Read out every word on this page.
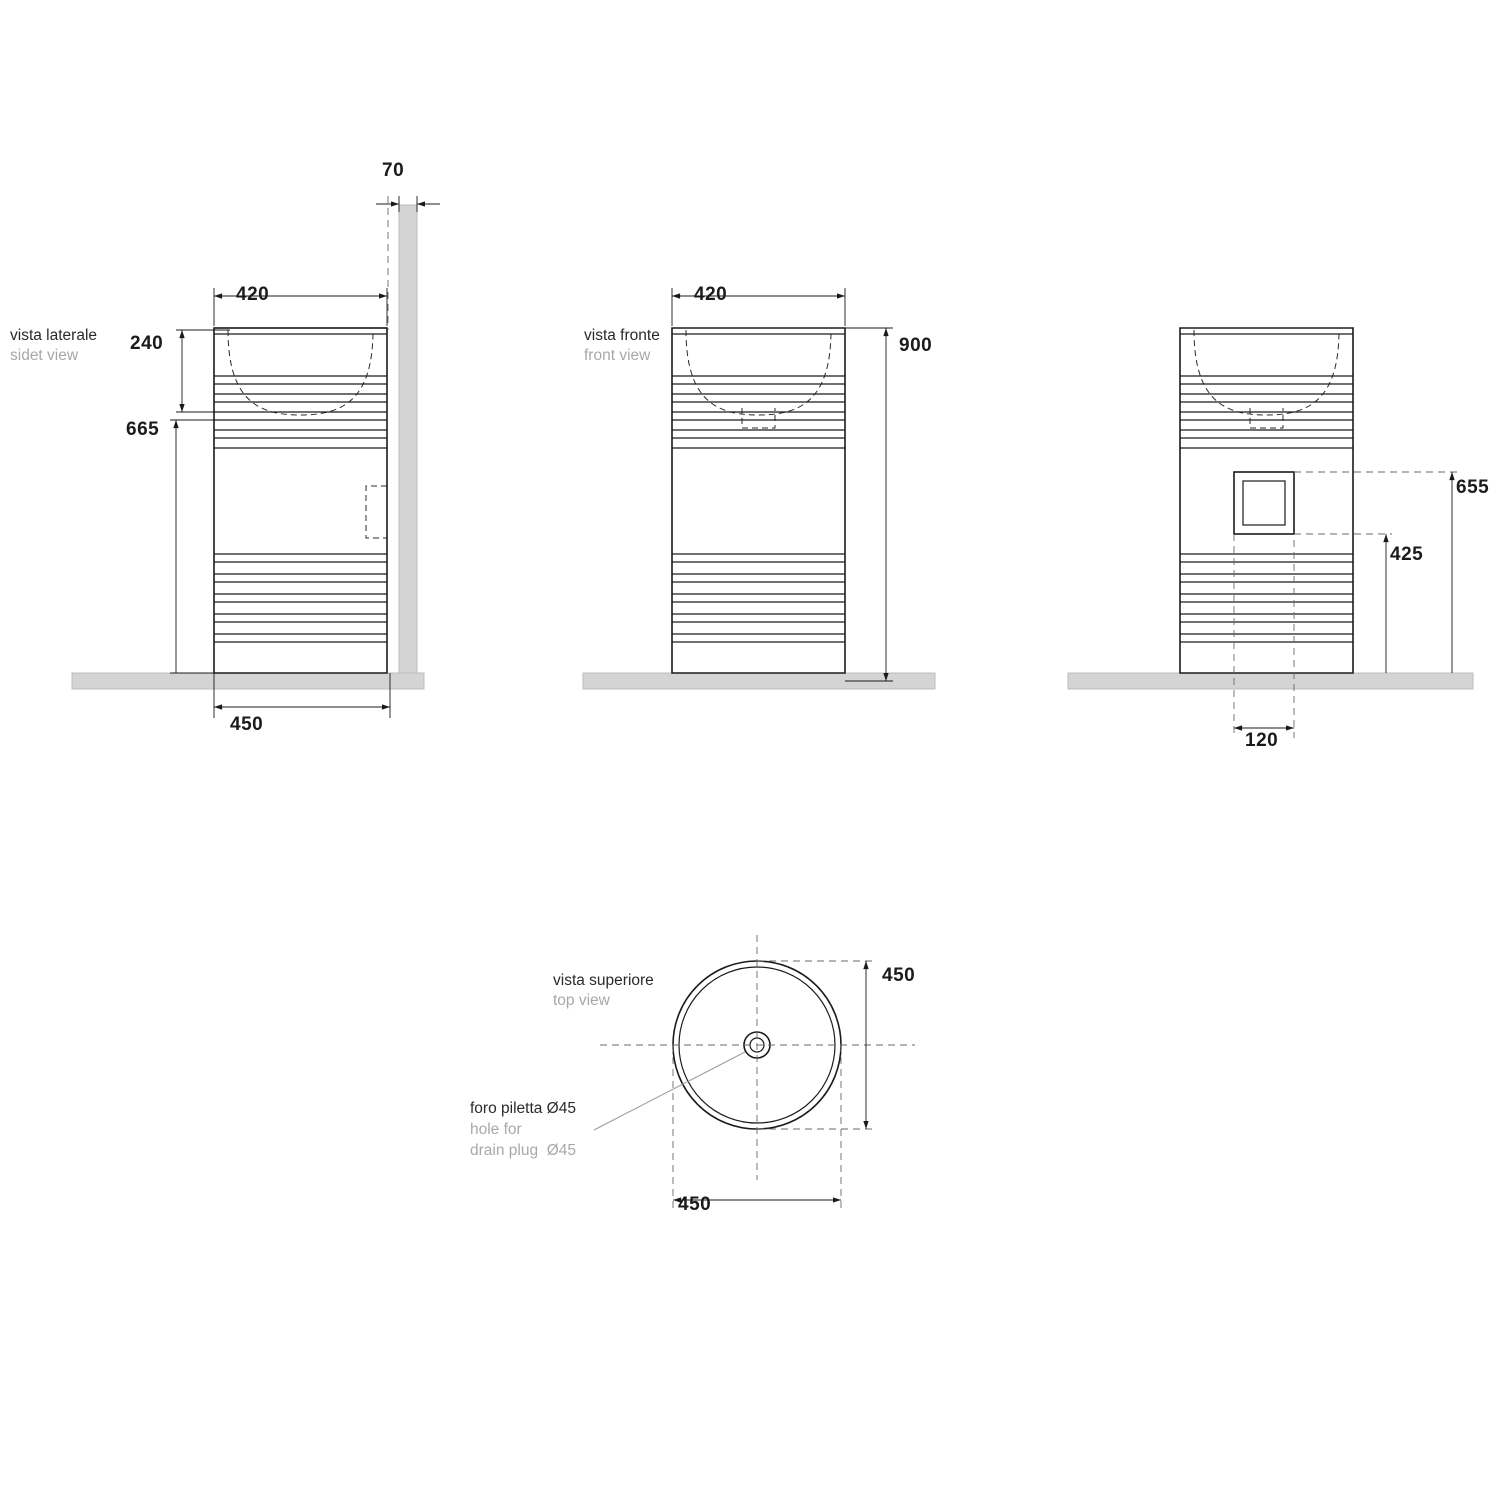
vista laterale
sidet view
70
420
240
665
450
vista fronte
front view
420
900
655
425
120
vista superiore
top view
450
450
foro piletta Ø45
hole for
drain plug  Ø45
